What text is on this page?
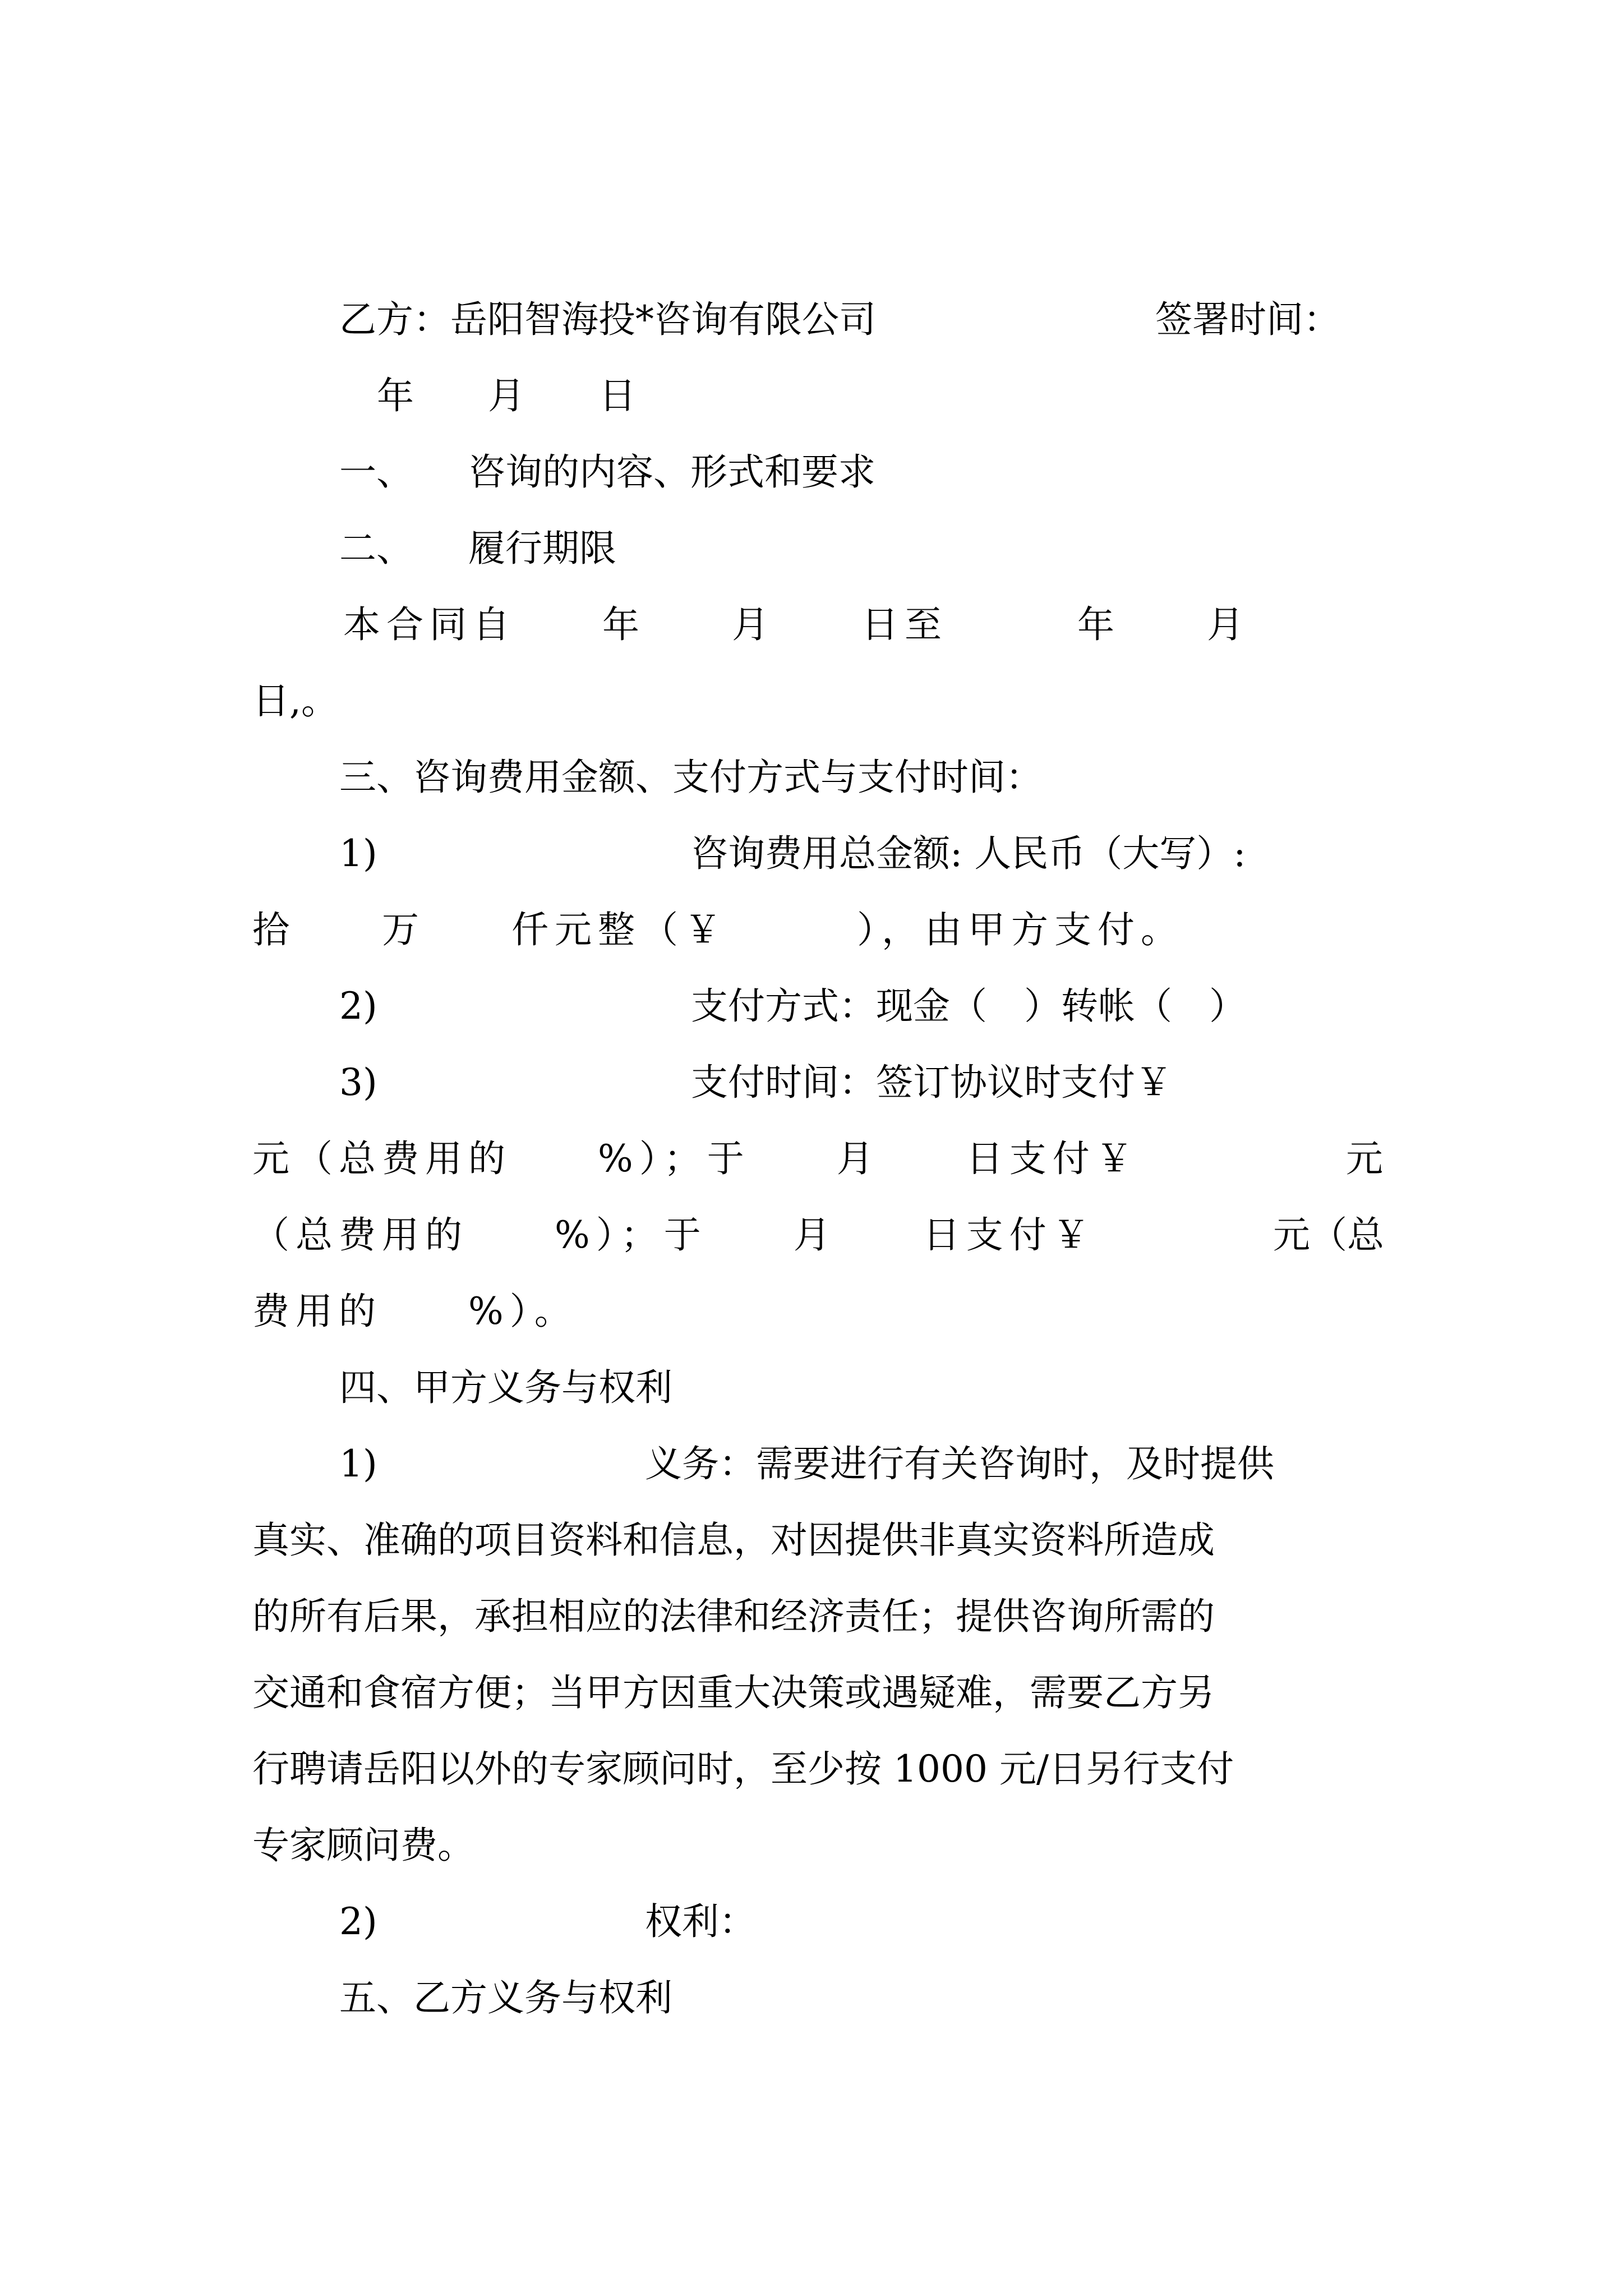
乙方：岳阳智海投*咨询有限公司

	签署时间：

年　　月　　日

一、

咨询的内容、形式和要求

二、

履行期限

本合同自　　年　　月　　日至　　　年　　月

日,。

三、咨询费用金额、支付方式与支付时间：

1)

	咨询费用总金额: 人民币（大写）:

拾　　万　　仟元整（￥　　　），由甲方支付。

2)

	支付方式：现金（　）转帐（　）

3)

	支付时间：签订协议时支付￥

元（总费用的　　%）；于　　月　　日支付￥

	元

（总费用的　　%）；于　　月　　日支付￥

	元（总

费用的　　%）。

四、甲方义务与权利

1)

	义务：需要进行有关咨询时，及时提供

真实、准确的项目资料和信息，对因提供非真实资料所造成

的所有后果，承担相应的法律和经济责任；提供咨询所需的

交通和食宿方便；当甲方因重大决策或遇疑难，需要乙方另

行聘请岳阳以外的专家顾问时，至少按 1000 元/日另行支付

专家顾问费。

2)

	权利：

五、乙方义务与权利
